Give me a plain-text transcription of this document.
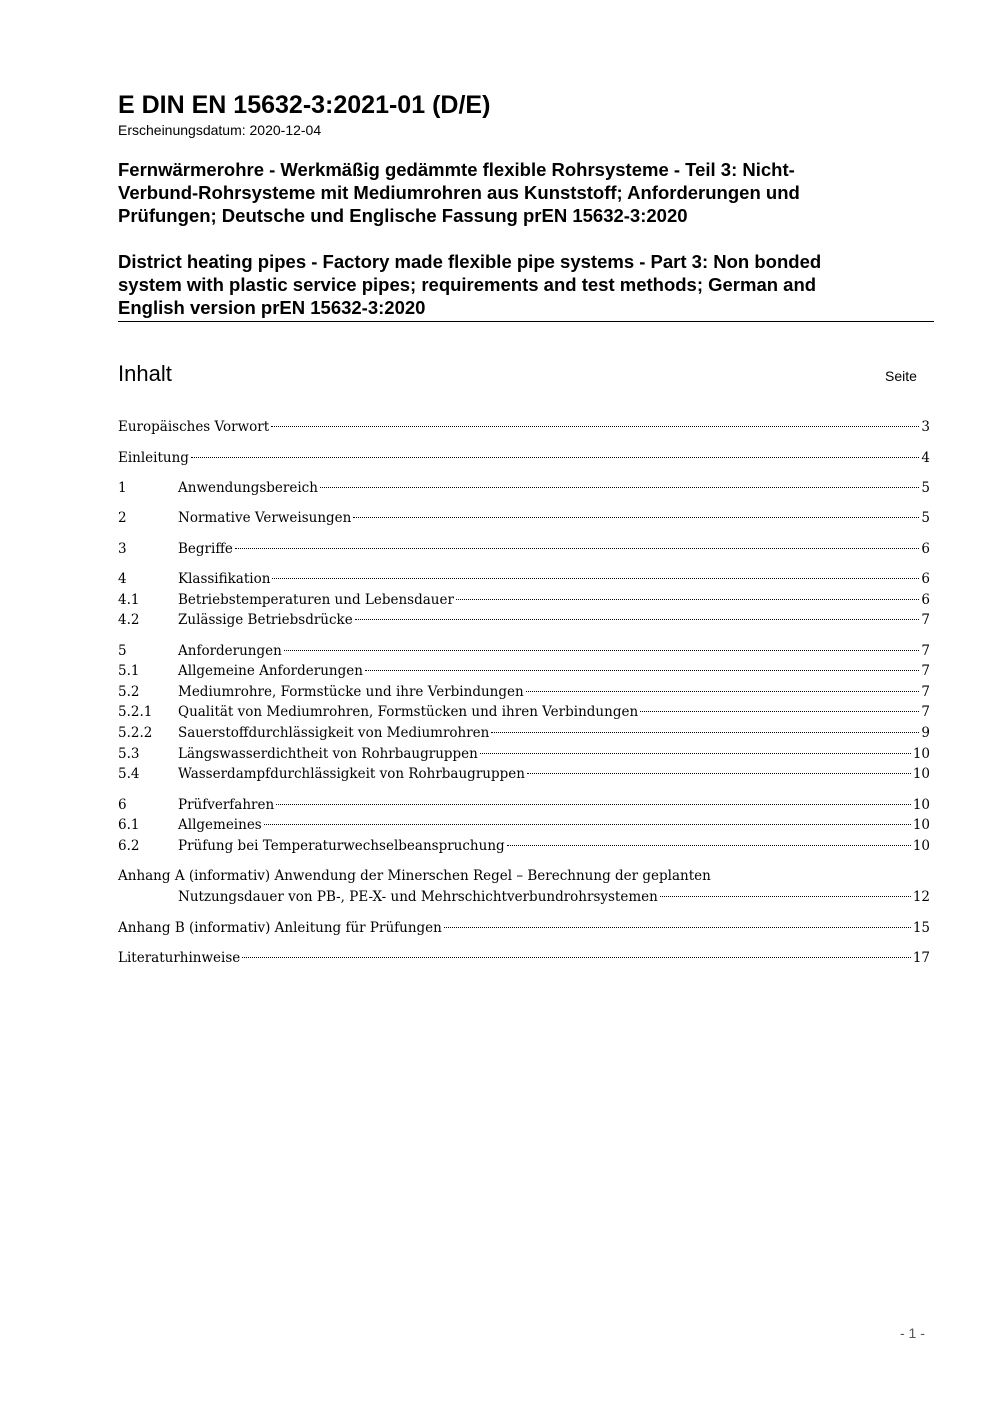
E DIN EN 15632-3:2021-01 (D/E)
Erscheinungsdatum: 2020-12-04
Fernwärmerohre - Werkmäßig gedämmte flexible Rohrsysteme - Teil 3: Nicht-
Verbund-Rohrsysteme mit Mediumrohren aus Kunststoff; Anforderungen und
Prüfungen; Deutsche und Englische Fassung prEN 15632-3:2020
District heating pipes - Factory made flexible pipe systems - Part 3: Non bonded
system with plastic service pipes; requirements and test methods; German and
English version prEN 15632-3:2020
Inhalt	Seite
Europäisches Vorwort	3
Einleitung	4
1	Anwendungsbereich	5
2	Normative Verweisungen	5
3	Begriffe	6
4	Klassifikation	6
4.1	Betriebstemperaturen und Lebensdauer	6
4.2	Zulässige Betriebsdrücke	7
5	Anforderungen	7
5.1	Allgemeine Anforderungen	7
5.2	Mediumrohre, Formstücke und ihre Verbindungen	7
5.2.1	Qualität von Mediumrohren, Formstücken und ihren Verbindungen	7
5.2.2	Sauerstoffdurchlässigkeit von Mediumrohren	9
5.3	Längswasserdichtheit von Rohrbaugruppen	10
5.4	Wasserdampfdurchlässigkeit von Rohrbaugruppen	10
6	Prüfverfahren	10
6.1	Allgemeines	10
6.2	Prüfung bei Temperaturwechselbeanspruchung	10
Anhang A (informativ) Anwendung der Minerschen Regel – Berechnung der geplanten
Nutzungsdauer von PB-, PE-X- und Mehrschichtverbundrohrsystemen	12
Anhang B (informativ) Anleitung für Prüfungen	15
Literaturhinweise	17
- 1 -
